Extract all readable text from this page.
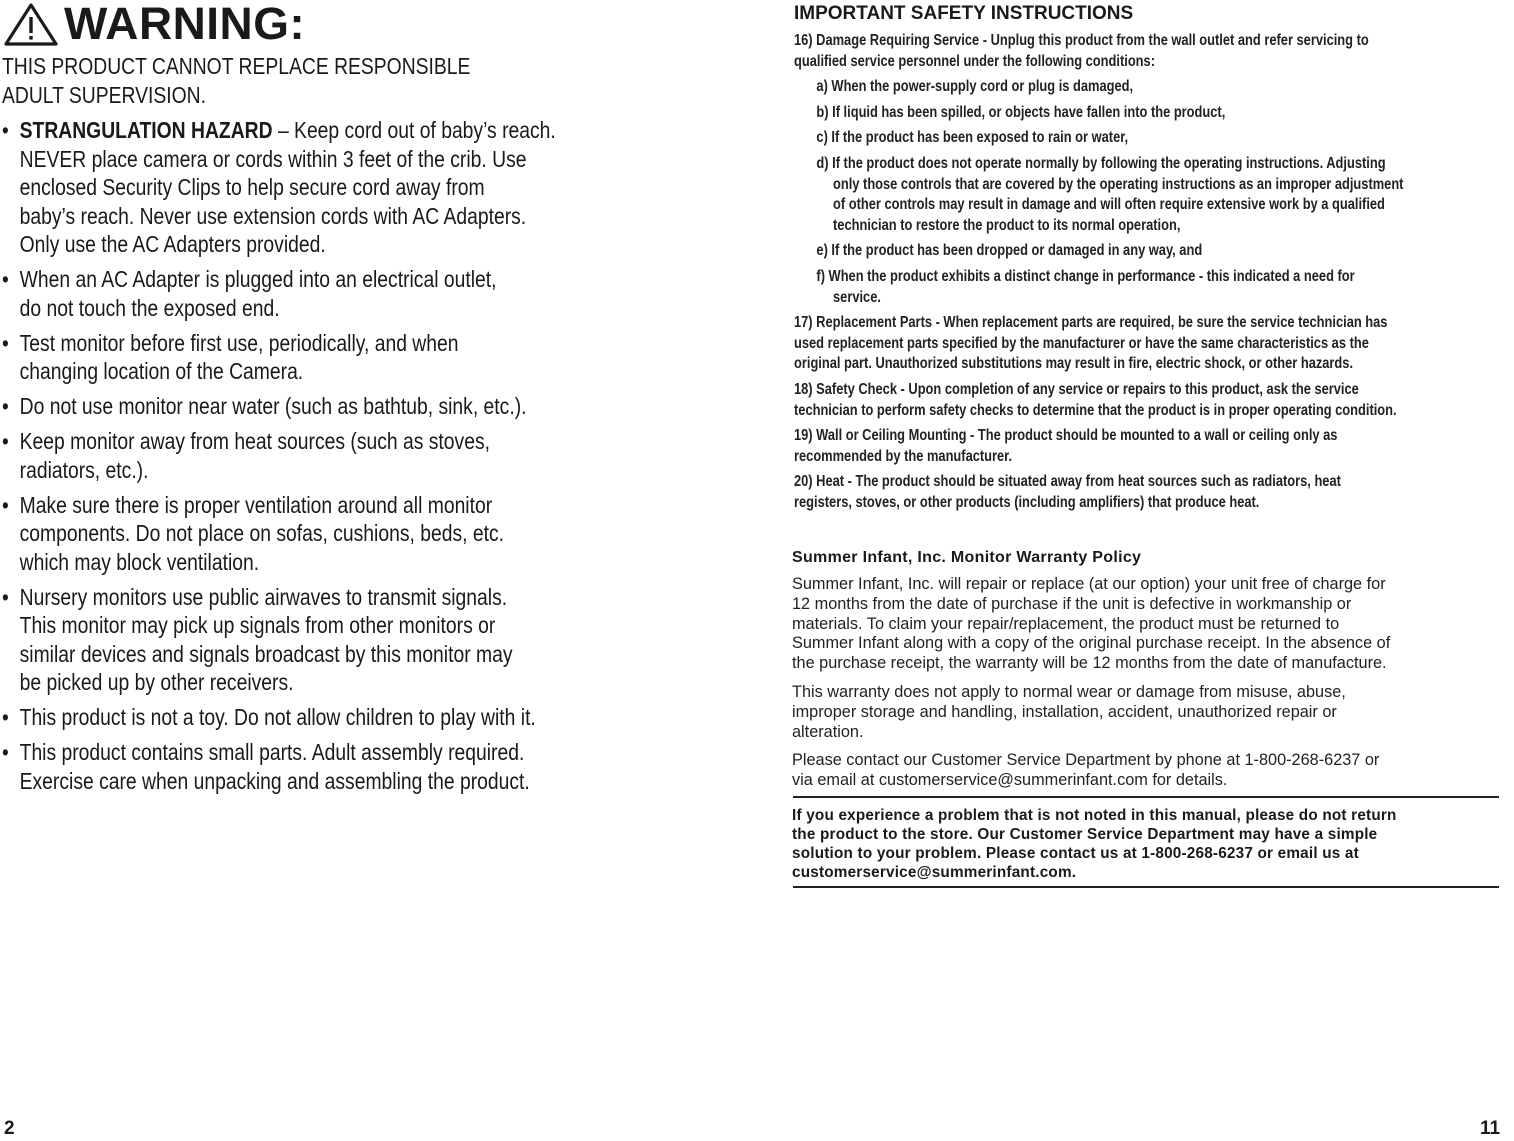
WARNING:
THIS PRODUCT CANNOT REPLACE RESPONSIBLE
ADULT SUPERVISION.
• STRANGULATION HAZARD – Keep cord out of baby’s reach.
NEVER place camera or cords within 3 feet of the crib. Use
enclosed Security Clips to help secure cord away from
baby’s reach. Never use extension cords with AC Adapters.
Only use the AC Adapters provided.
• When an AC Adapter is plugged into an electrical outlet,
do not touch the exposed end.
• Test monitor before first use, periodically, and when
changing location of the Camera.
• Do not use monitor near water (such as bathtub, sink, etc.).
• Keep monitor away from heat sources (such as stoves,
radiators, etc.).
• Make sure there is proper ventilation around all monitor
components. Do not place on sofas, cushions, beds, etc.
which may block ventilation.
• Nursery monitors use public airwaves to transmit signals.
This monitor may pick up signals from other monitors or
similar devices and signals broadcast by this monitor may
be picked up by other receivers.
• This product is not a toy. Do not allow children to play with it.
• This product contains small parts. Adult assembly required.
Exercise care when unpacking and assembling the product.
2
IMPORTANT SAFETY INSTRUCTIONS
16) Damage Requiring Service - Unplug this product from the wall outlet and refer servicing to
qualified service personnel under the following conditions:
a) When the power-supply cord or plug is damaged,
b) If liquid has been spilled, or objects have fallen into the product,
c) If the product has been exposed to rain or water,
d) If the product does not operate normally by following the operating instructions. Adjusting
only those controls that are covered by the operating instructions as an improper adjustment
of other controls may result in damage and will often require extensive work by a qualified
technician to restore the product to its normal operation,
e) If the product has been dropped or damaged in any way, and
f) When the product exhibits a distinct change in performance - this indicated a need for
service.
17) Replacement Parts - When replacement parts are required, be sure the service technician has
used replacement parts specified by the manufacturer or have the same characteristics as the
original part. Unauthorized substitutions may result in fire, electric shock, or other hazards.
18) Safety Check - Upon completion of any service or repairs to this product, ask the service
technician to perform safety checks to determine that the product is in proper operating condition.
19) Wall or Ceiling Mounting - The product should be mounted to a wall or ceiling only as
recommended by the manufacturer.
20) Heat - The product should be situated away from heat sources such as radiators, heat
registers, stoves, or other products (including amplifiers) that produce heat.
Summer Infant, Inc. Monitor Warranty Policy
Summer Infant, Inc. will repair or replace (at our option) your unit free of charge for
12 months from the date of purchase if the unit is defective in workmanship or
materials. To claim your repair/replacement, the product must be returned to
Summer Infant along with a copy of the original purchase receipt. In the absence of
the purchase receipt, the warranty will be 12 months from the date of manufacture.
This warranty does not apply to normal wear or damage from misuse, abuse,
improper storage and handling, installation, accident, unauthorized repair or
alteration.
Please contact our Customer Service Department by phone at 1-800-268-6237 or
via email at customerservice@summerinfant.com for details.
If you experience a problem that is not noted in this manual, please do not return
the product to the store. Our Customer Service Department may have a simple
solution to your problem. Please contact us at 1-800-268-6237 or email us at
customerservice@summerinfant.com.
11
